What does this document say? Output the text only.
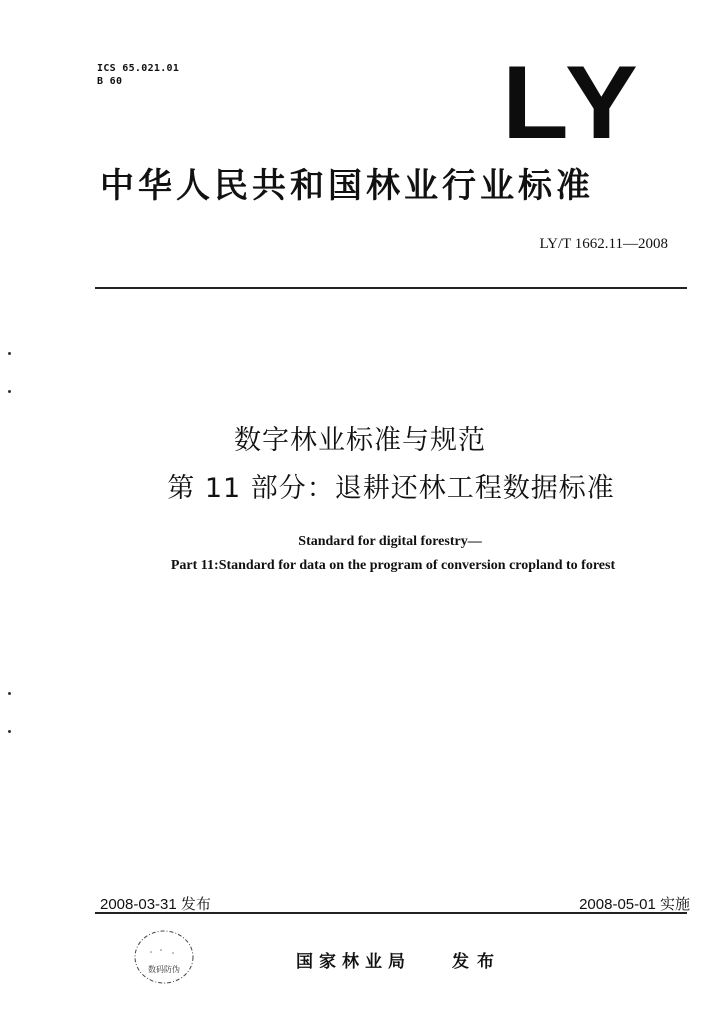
ICS 65.021.01
B 60	LY
中华人民共和国林业行业标准
LY/T 1662.11—2008
数字林业标准与规范
第 11 部分：退耕还林工程数据标准
Standard for digital forestry—
Part 11:Standard for data on the program of conversion cropland to forest
2008-03-31 发布	2008-05-01 实施
数码防伪	国家林业局 发布
